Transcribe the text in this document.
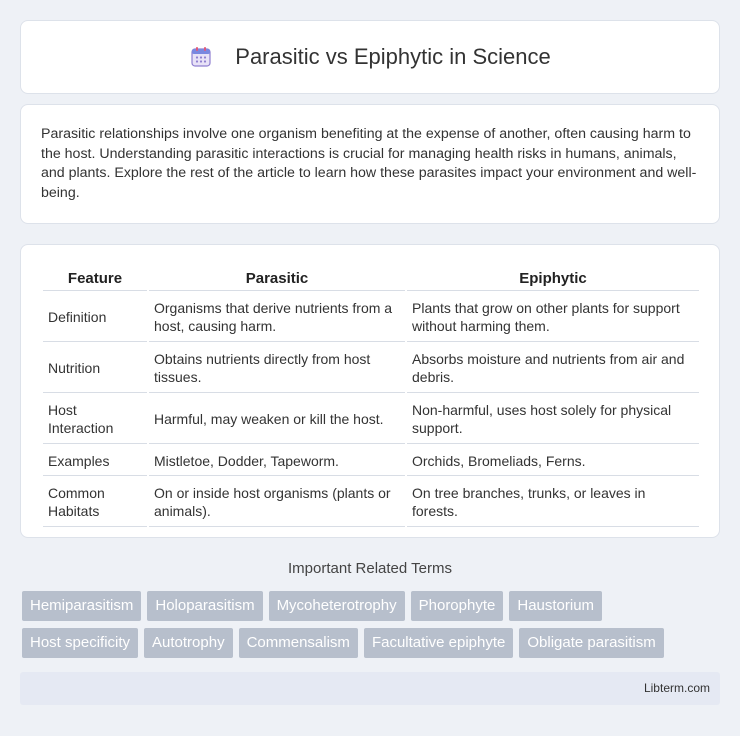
Parasitic vs Epiphytic in Science

Parasitic relationships involve one organism benefiting at the expense of another, often causing harm to the host. Understanding parasitic interactions is crucial for managing health risks in humans, animals, and plants. Explore the rest of the article to learn how these parasites impact your environment and well-being.

Feature	Parasitic	Epiphytic
Definition	Organisms that derive nutrients from a host, causing harm.	Plants that grow on other plants for support without harming them.
Nutrition	Obtains nutrients directly from host tissues.	Absorbs moisture and nutrients from air and debris.
Host Interaction	Harmful, may weaken or kill the host.	Non-harmful, uses host solely for physical support.
Examples	Mistletoe, Dodder, Tapeworm.	Orchids, Bromeliads, Ferns.
Common Habitats	On or inside host organisms (plants or animals).	On tree branches, trunks, or leaves in forests.
Important Related Terms
Hemiparasitism	Holoparasitism	Mycoheterotrophy	Phorophyte	Haustorium
Host specificity	Autotrophy	Commensalism	Facultative epiphyte	Obligate parasitism
Libterm.com
